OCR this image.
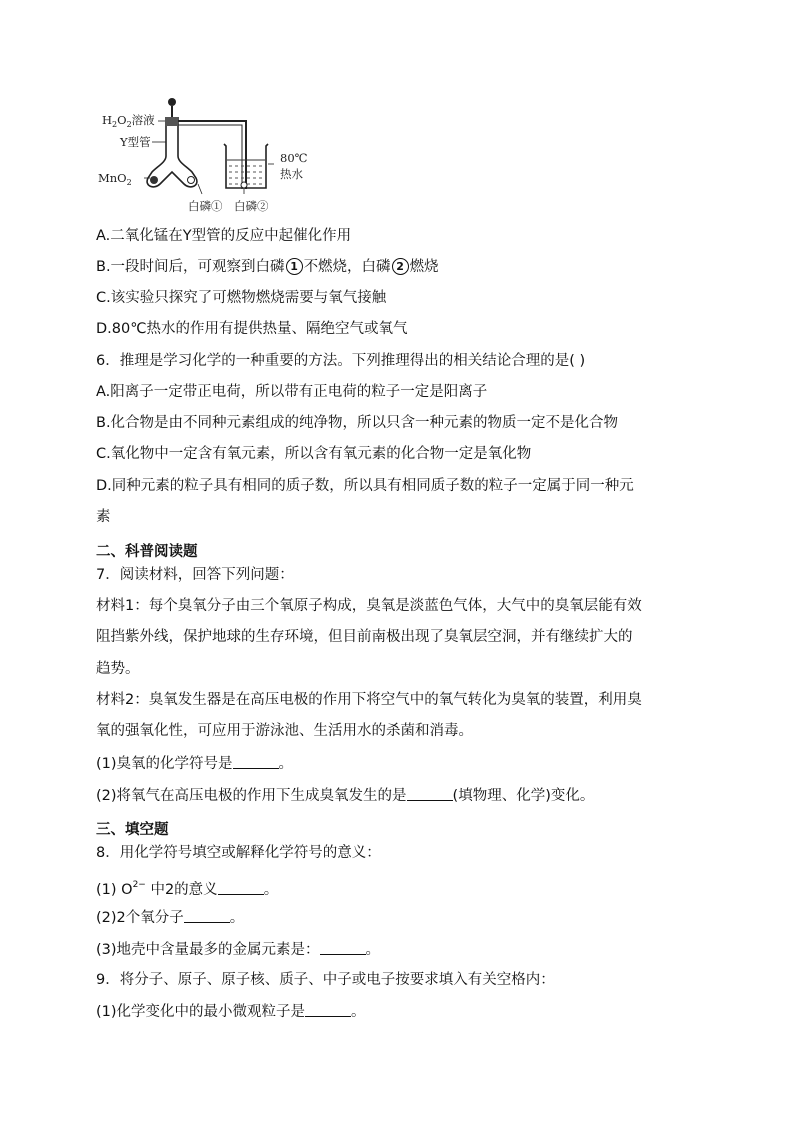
$H_2O_2$溶液
Y型管
MnO$_2$
80℃
热水
白磷① 白磷②
A.二氧化锰在Y型管的反应中起催化作用
B.一段时间后，可观察到白磷 1 不燃烧，白磷 2 燃烧
C.该实验只探究了可燃物燃烧需要与氧气接触
D.80℃热水的作用有提供热量、隔绝空气或氧气
6．推理是学习化学的一种重要的方法。下列推理得出的相关结论合理的是( )
A.阳离子一定带正电荷，所以带有正电荷的粒子一定是阳离子
B.化合物是由不同种元素组成的纯净物，所以只含一种元素的物质一定不是化合物
C.氧化物中一定含有氧元素，所以含有氧元素的化合物一定是氧化物
D.同种元素的粒子具有相同的质子数，所以具有相同质子数的粒子一定属于同一种元
素
二、科普阅读题
7．阅读材料，回答下列问题：
材料1：每个臭氧分子由三个氧原子构成，臭氧是淡蓝色气体，大气中的臭氧层能有效
阻挡紫外线，保护地球的生存环境，但目前南极出现了臭氧层空洞，并有继续扩大的
趋势。
材料2：臭氧发生器是在高压电极的作用下将空气中的氧气转化为臭氧的装置，利用臭
氧的强氧化性，可应用于游泳池、生活用水的杀菌和消毒。
(1)臭氧的化学符号是	。
(2)将氧气在高压电极的作用下生成臭氧发生的是	(填物理、化学)变化。
三、填空题
8．用化学符号填空或解释化学符号的意义：
(1) $O^{2-}$ 中2的意义	。
(2)2个氧分子	。
(3)地壳中含量最多的金属元素是：	。
9．将分子、原子、原子核、质子、中子或电子按要求填入有关空格内：
(1)化学变化中的最小微观粒子是	。
